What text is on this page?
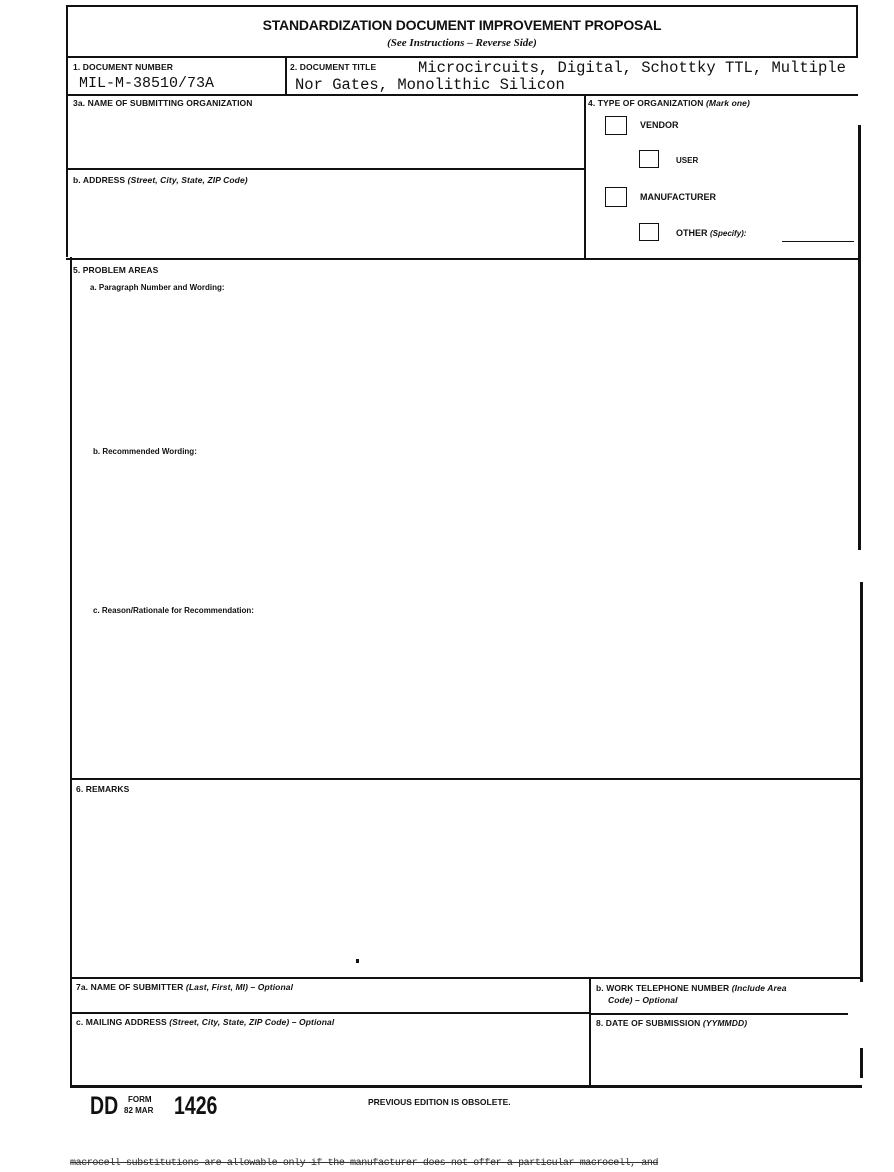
STANDARDIZATION DOCUMENT IMPROVEMENT PROPOSAL
(See Instructions – Reverse Side)
1. DOCUMENT NUMBER
MIL-M-38510/73A
2. DOCUMENT TITLE	Microcircuits, Digital, Schottky TTL, Multiple
Nor Gates, Monolithic Silicon
3a. NAME OF SUBMITTING ORGANIZATION
b. ADDRESS (Street, City, State, ZIP Code)
4. TYPE OF ORGANIZATION (Mark one)
VENDOR
USER
MANUFACTURER
OTHER (Specify):
5. PROBLEM AREAS
a. Paragraph Number and Wording:
b. Recommended Wording:
c. Reason/Rationale for Recommendation:
6. REMARKS
7a. NAME OF SUBMITTER (Last, First, MI) – Optional	b. WORK TELEPHONE NUMBER (Include Area
Code) – Optional
c. MAILING ADDRESS (Street, City, State, ZIP Code) – Optional	8. DATE OF SUBMISSION (YYMMDD)
DD FORM
82 MAR 1426	PREVIOUS EDITION IS OBSOLETE.
macrocell substitutions are allowable only if the manufacturer does not offer a particular macrocell, and
